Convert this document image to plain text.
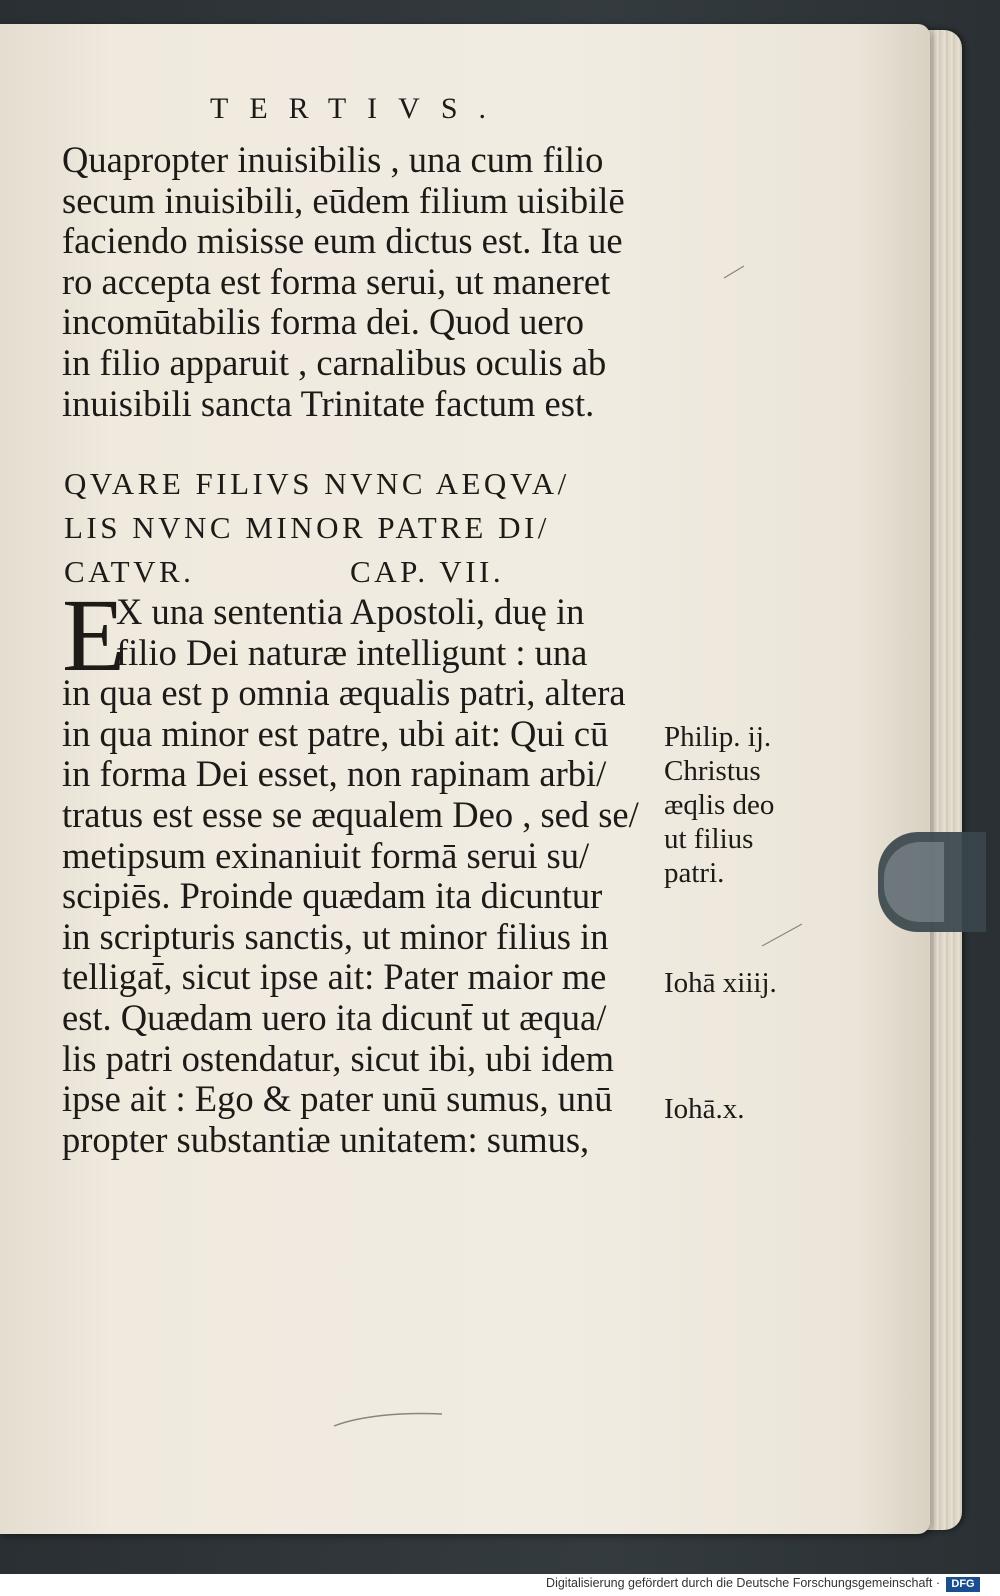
TERTIVS.
Quapropter inuisibilis , una cum filio
secum inuisibili, eūdem filium uisibilē
faciendo misisse eum dictus est. Ita ue
ro accepta est forma serui, ut maneret
incomūtabilis forma dei. Quod uero
in filio apparuit , carnalibus oculis ab
inuisibili sancta Trinitate factum est.
QVARE FILIVS NVNC AEQVA/
LIS NVNC MINOR PATRE DI/
CATVR.	CAP. VII.
E
X una sententia Apostoli, duę in
filio Dei naturæ intelligunt : una
in qua est p omnia æqualis patri, altera
in qua minor est patre, ubi ait: Qui cū
in forma Dei esset, non rapinam arbi/
tratus est esse se æqualem Deo , sed se/
metipsum exinaniuit formā serui su/
scipiēs. Proinde quædam ita dicuntur
in scripturis sanctis, ut minor filius in
telligat̄, sicut ipse ait: Pater maior me
est. Quædam uero ita dicunt̄ ut æqua/
lis patri ostendatur, sicut ibi, ubi idem
ipse ait : Ego & pater unū sumus, unū
propter substantiæ unitatem: sumus,
Philip. ij.
Christus
æqlis deo
ut filius
patri.
Iohā xiiij.
Iohā.x.
Digitalisierung gefördert durch die Deutsche Forschungsgemeinschaft ·	DFG
